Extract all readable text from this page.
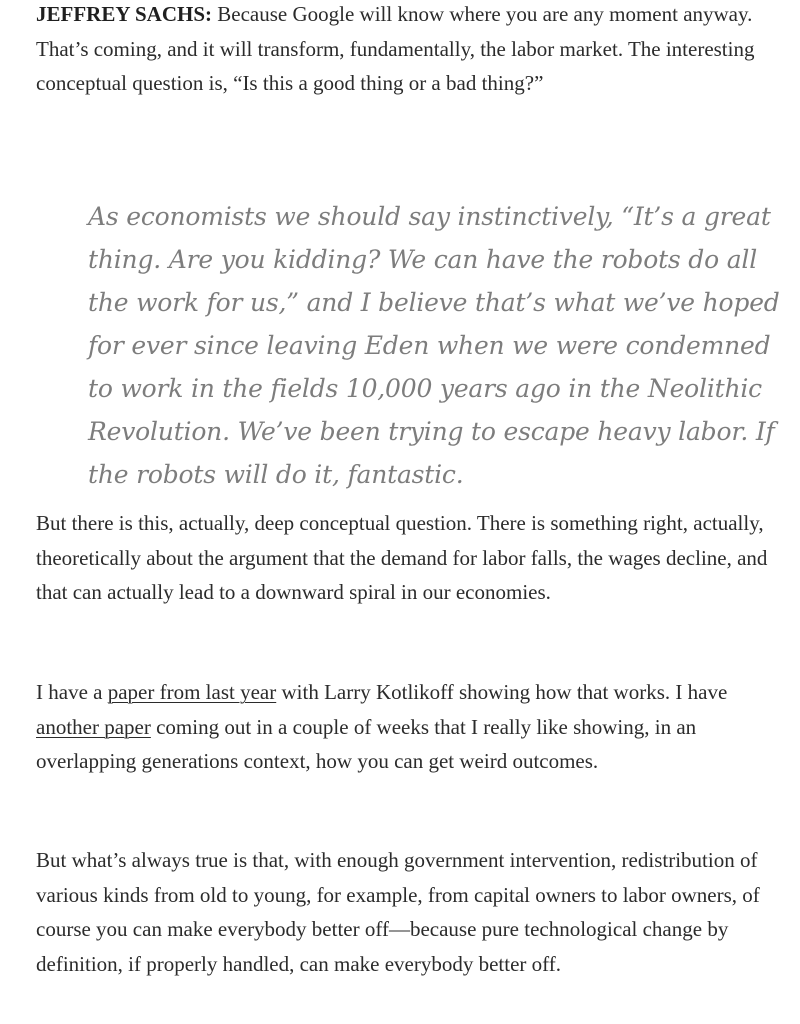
JEFFREY SACHS: Because Google will know where you are any moment anyway. That’s coming, and it will transform, fundamentally, the labor market. The interesting conceptual question is, “Is this a good thing or a bad thing?”

As economists we should say instinctively, “It’s a great thing. Are you kidding? We can have the robots do all the work for us,” and I believe that’s what we’ve hoped for ever since leaving Eden when we were condemned to work in the fields 10,000 years ago in the Neolithic Revolution. We’ve been trying to escape heavy labor. If the robots will do it, fantastic.

But there is this, actually, deep conceptual question. There is something right, actually, theoretically about the argument that the demand for labor falls, the wages decline, and that can actually lead to a downward spiral in our economies.

I have a paper from last year with Larry Kotlikoff showing how that works. I have another paper coming out in a couple of weeks that I really like showing, in an overlapping generations context, how you can get weird outcomes.

But what’s always true is that, with enough government intervention, redistribution of various kinds from old to young, for example, from capital owners to labor owners, of course you can make everybody better off—because pure technological change by definition, if properly handled, can make everybody better off.
